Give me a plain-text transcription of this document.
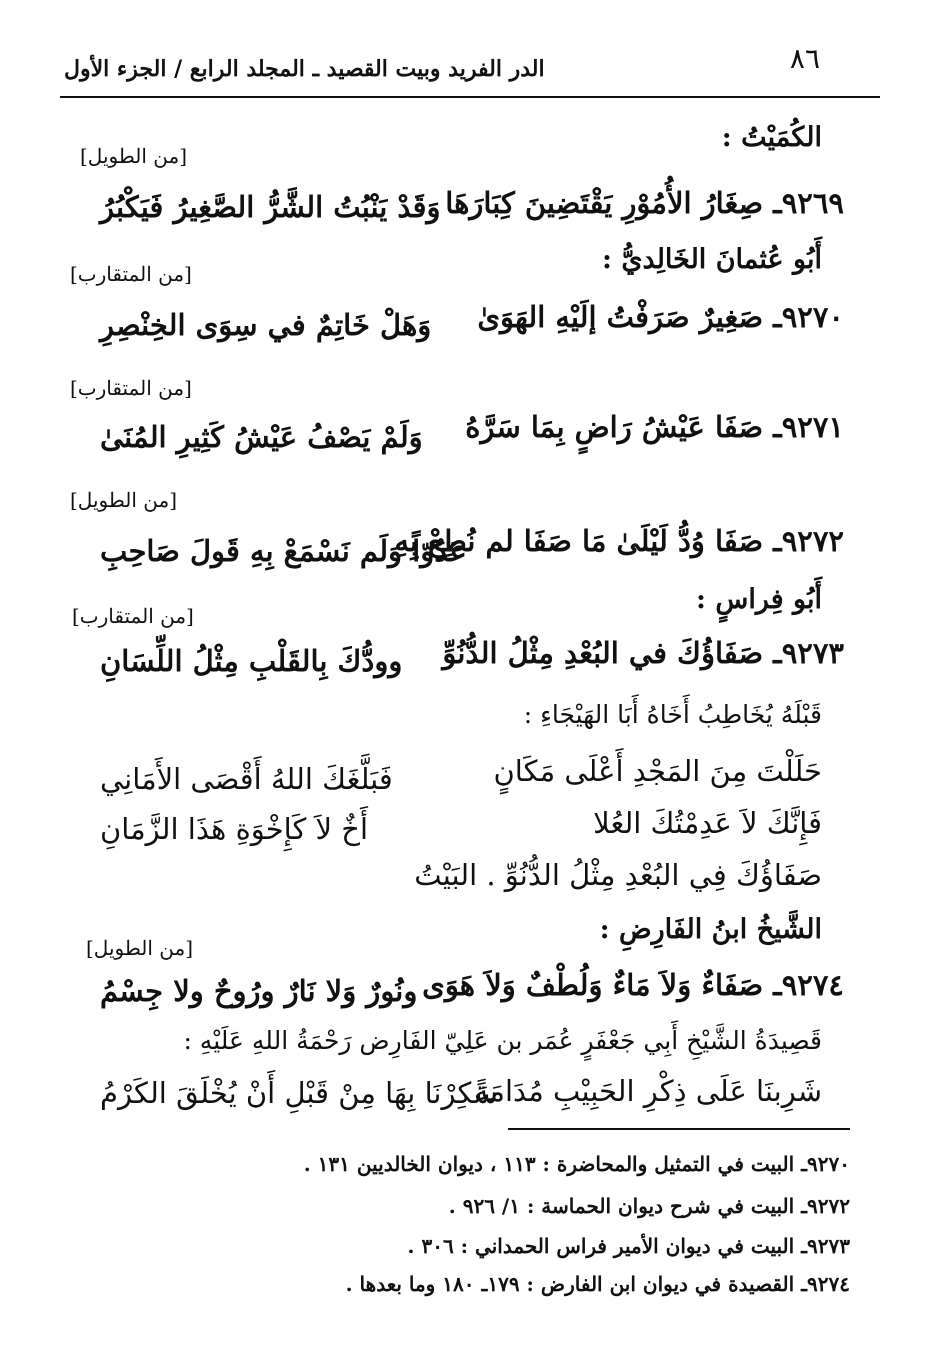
٨٦
الدر الفريد وبيت القصيد ـ المجلد الرابع / الجزء الأول
الكُمَيْتُ :
[من الطويل]
٩٢٦٩ـ صِغَارُ الأُمُوْرِ يَقْتَضِينَ كِبَارَهَا
وَقَدْ يَنْبُتُ الشَّرُّ الصَّغِيرُ فَيَكْبُرُ
أَبُو عُثمانَ الخَالِديُّ :
[من المتقارب]
٩٢٧٠ـ صَغِيرٌ صَرَفْتُ إلَيْهِ الهَوَىٰ
وَهَلْ خَاتِمٌ في سِوَى الخِنْصِرِ
[من المتقارب]
٩٢٧١ـ صَفَا عَيْشُ رَاضٍ بِمَا سَرَّهُ
وَلَمْ يَصْفُ عَيْشُ كَثِيرِ المُنَىٰ
[من الطويل]
٩٢٧٢ـ صَفَا وُدُّ لَيْلَىٰ مَا صَفَا لم نُطِعْ بِهِ
عَدُوّاً وَلَم نَسْمَعْ بِهِ قَولَ صَاحِبِ
أَبُو فِراسٍ :
[من المتقارب]
٩٢٧٣ـ صَفَاؤُكَ في البُعْدِ مِثْلُ الدُّنُوِّ
وودُّكَ بِالقَلْبِ مِثْلُ اللِّسَانِ
قَبْلَهُ يُخَاطِبُ أَخَاهُ أَبَا الهَيْجَاءِ :
حَلَلْتَ مِنَ المَجْدِ أَعْلَى مَكَانٍ
فَبَلَّغَكَ اللهُ أَقْصَى الأَمَانِي
فَإِنَّكَ لاَ عَدِمْتُكَ العُلا
أَخٌ لاَ كَإِخْوَةِ هَذَا الزَّمَانِ
صَفَاؤُكَ فِي البُعْدِ مِثْلُ الدُّنُوِّ . البَيْتُ
الشَّيخُ ابنُ الفَارِضِ :
[من الطويل]
٩٢٧٤ـ صَفَاءٌ وَلاَ مَاءٌ وَلُطْفٌ وَلاَ هَوَى
ونُورٌ وَلا نَارٌ ورُوحٌ ولا جِسْمُ
قَصِيدَةُ الشَّيْخِ أَبِي جَعْفَرٍ عُمَر بن عَلِيّ الفَارِض رَحْمَةُ اللهِ عَلَيْهِ :
شَرِبنَا عَلَى ذِكْرِ الحَبِيْبِ مُدَامَةً
سَكِرْنَا بِهَا مِنْ قَبْلِ أَنْ يُخْلَقَ الكَرْمُ
٩٢٧٠ـ البيت في التمثيل والمحاضرة : ١١٣ ، ديوان الخالديين ١٣١ .
٩٢٧٢ـ البيت في شرح ديوان الحماسة : ١/ ٩٢٦ .
٩٢٧٣ـ البيت في ديوان الأمير فراس الحمداني : ٣٠٦ .
٩٢٧٤ـ القصيدة في ديوان ابن الفارض : ١٧٩ـ ١٨٠ وما بعدها .
